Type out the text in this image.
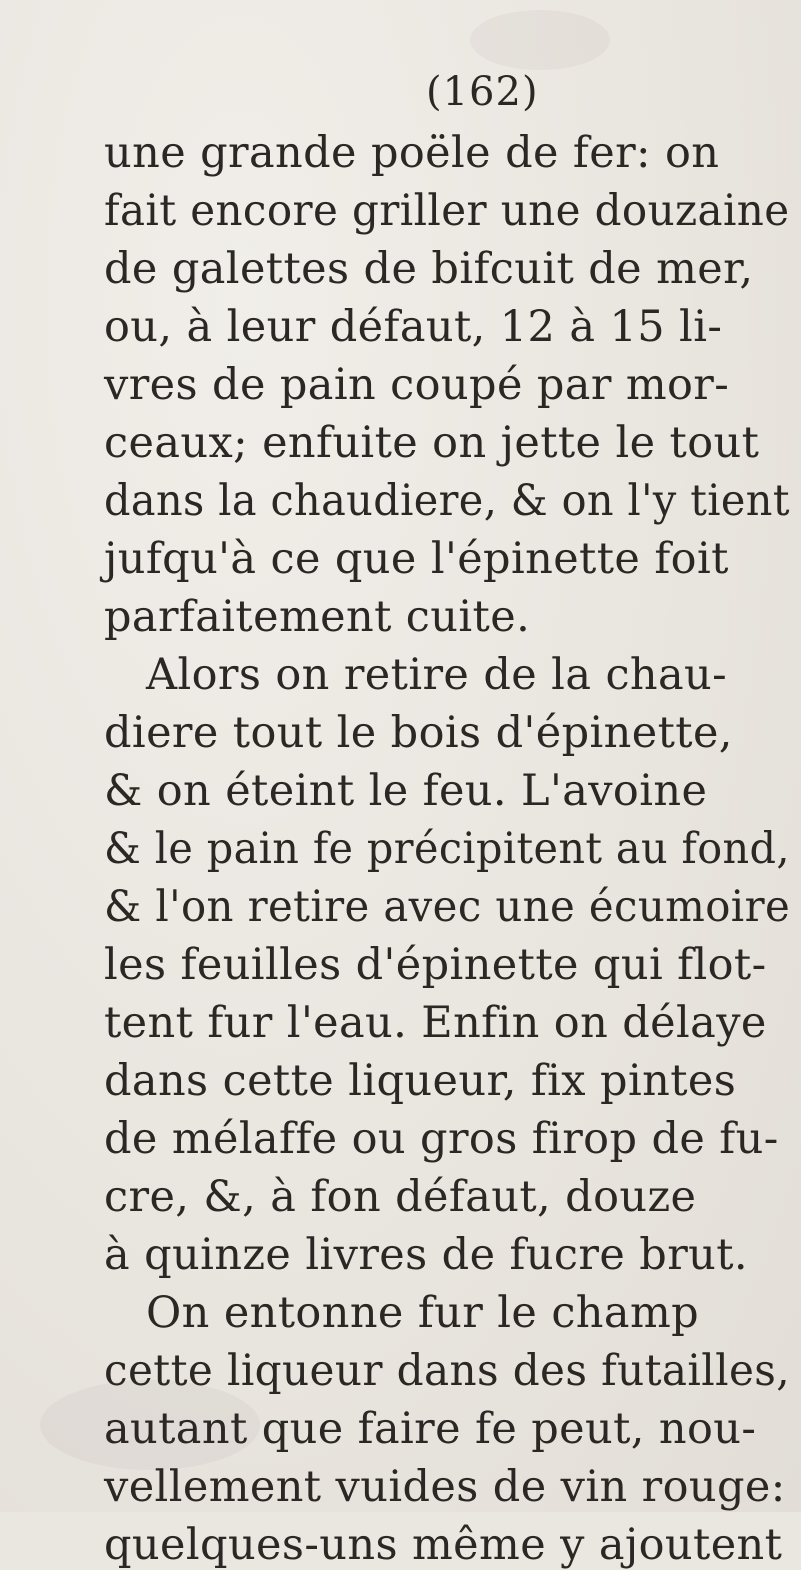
(162)
une grande poële de fer: on
fait encore griller une douzaine
de galettes de bifcuit de mer,
ou, à leur défaut, 12 à 15 li-
vres de pain coupé par mor-
ceaux; enfuite on jette le tout
dans la chaudiere, & on l'y tient
jufqu'à ce que l'épinette foit
parfaitement cuite.
Alors on retire de la chau-
diere tout le bois d'épinette,
& on éteint le feu. L'avoine
& le pain fe précipitent au fond,
& l'on retire avec une écumoire
les feuilles d'épinette qui flot-
tent fur l'eau. Enfin on délaye
dans cette liqueur, fix pintes
de mélaffe ou gros firop de fu-
cre, &, à fon défaut, douze
à quinze livres de fucre brut.
On entonne fur le champ
cette liqueur dans des futailles,
autant que faire fe peut, nou-
vellement vuides de vin rouge:
quelques-uns même y ajoutent
